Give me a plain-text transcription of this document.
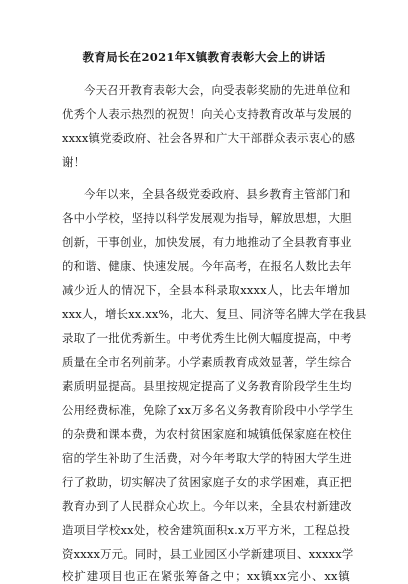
教育局长在2021年X镇教育表彰大会上的讲话
今天召开教育表彰大会，向受表彰奖励的先进单位和
优秀个人表示热烈的祝贺！向关心支持教育改革与发展的
xxxx镇党委政府、社会各界和广大干部群众表示衷心的感
谢！
今年以来，全县各级党委政府、县乡教育主管部门和
各中小学校，坚持以科学发展观为指导，解放思想，大胆
创新，干事创业，加快发展，有力地推动了全县教育事业
的和谐、健康、快速发展。今年高考，在报名人数比去年
减少近人的情况下，全县本科录取xxxx人，比去年增加
xxx人，增长xx.xx%，北大、复旦、同济等名牌大学在我县
录取了一批优秀新生。中考优秀生比例大幅度提高，中考
质量在全市名列前茅。小学素质教育成效显著，学生综合
素质明显提高。县里按规定提高了义务教育阶段学生生均
公用经费标准，免除了xx万多名义务教育阶段中小学学生
的杂费和课本费，为农村贫困家庭和城镇低保家庭在校住
宿的学生补助了生活费，对今年考取大学的特困大学生进
行了救助，切实解决了贫困家庭子女的求学困难，真正把
教育办到了人民群众心坎上。今年以来，全县农村新建改
造项目学校xx处，校舍建筑面积x.x万平方米，工程总投
资xxxx万元。同时，县工业园区小学新建项目、xxxxx学
校扩建项目也正在紧张筹备之中；xx镇xx完小、xx镇
